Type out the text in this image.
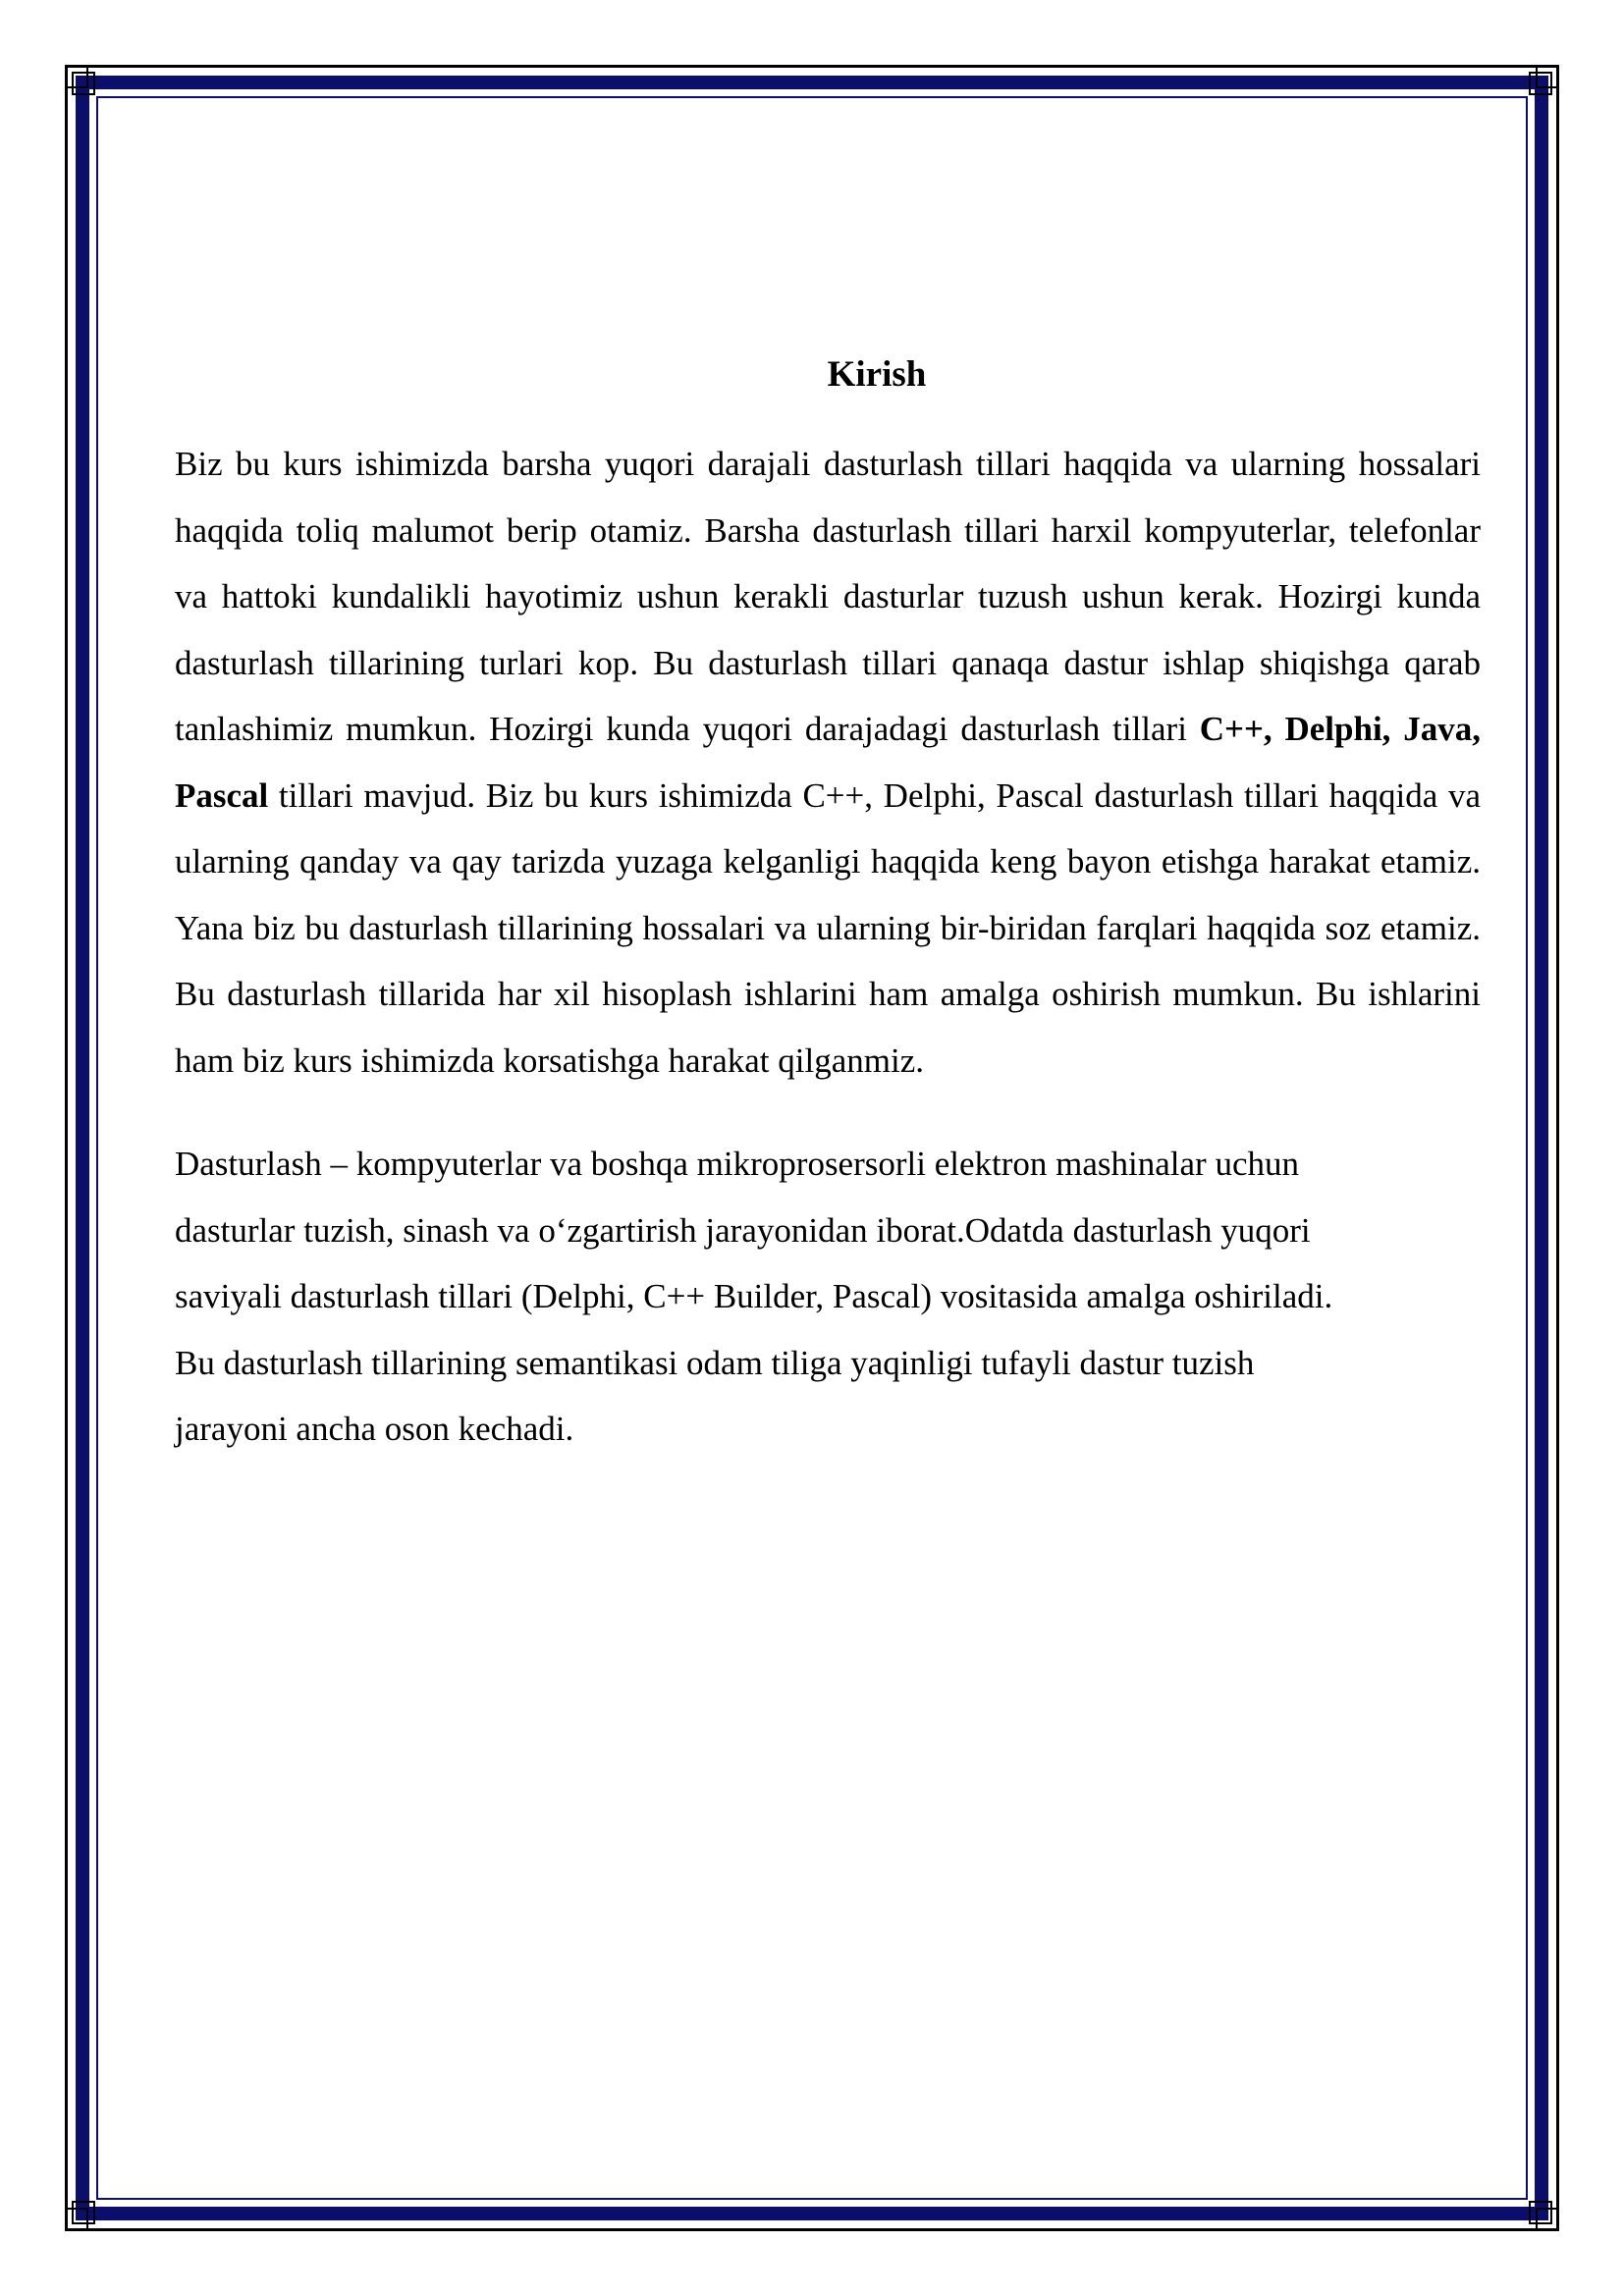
Kirish

Biz bu kurs ishimizda barsha yuqori darajali dasturlash tillari haqqida va ularning hossalari haqqida toliq malumot berip otamiz. Barsha dasturlash tillari harxil kompyuterlar, telefonlar va hattoki kundalikli hayotimiz ushun kerakli dasturlar tuzush ushun kerak. Hozirgi kunda dasturlash tillarining turlari kop. Bu dasturlash tillari qanaqa dastur ishlap shiqishga qarab tanlashimiz mumkun. Hozirgi kunda yuqori darajadagi dasturlash tillari C++, Delphi, Java, Pascal tillari mavjud. Biz bu kurs ishimizda C++, Delphi, Pascal dasturlash tillari haqqida va ularning qanday va qay tarizda yuzaga kelganligi haqqida keng bayon etishga harakat etamiz. Yana biz bu dasturlash tillarining hossalari va ularning bir-biridan farqlari haqqida soz etamiz. Bu dasturlash tillarida har xil hisoplash ishlarini ham amalga oshirish mumkun. Bu ishlarini ham biz kurs ishimizda korsatishga harakat qilganmiz.

Dasturlash – kompyuterlar va boshqa mikroprosersorli elektron mashinalar uchun
dasturlar tuzish, sinash va oʻzgartirish jarayonidan iborat.Odatda dasturlash yuqori
saviyali dasturlash tillari (Delphi, C++ Builder, Pascal) vositasida amalga oshiriladi.
Bu dasturlash tillarining semantikasi odam tiliga yaqinligi tufayli dastur tuzish
jarayoni ancha oson kechadi.
